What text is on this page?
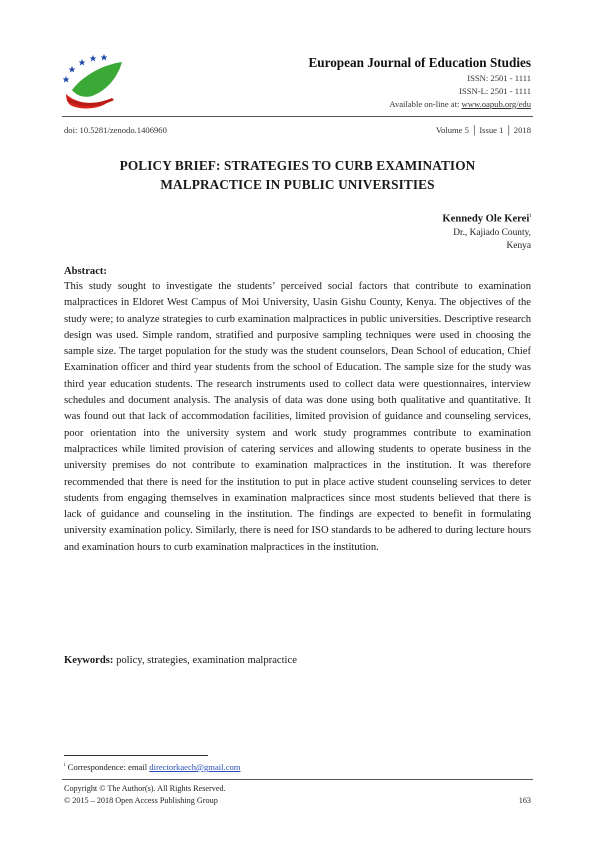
European Journal of Education Studies
ISSN: 2501 - 1111
ISSN-L: 2501 - 1111
Available on-line at: www.oapub.org/edu
doi: 10.5281/zenodo.1406960	Volume 5 │ Issue 1 │ 2018
POLICY BRIEF: STRATEGIES TO CURB EXAMINATION
MALPRACTICE IN PUBLIC UNIVERSITIES
Kennedy Ole Kerei$^i$
Dr., Kajiado County,
Kenya
Abstract:
This study sought to investigate the students’ perceived social factors that contribute to examination malpractices in Eldoret West Campus of Moi University, Uasin Gishu County, Kenya. The objectives of the study were; to analyze strategies to curb examination malpractices in public universities. Descriptive research design was used. Simple random, stratified and purposive sampling techniques were used in choosing the sample size. The target population for the study was the student counselors, Dean School of education, Chief Examination officer and third year students from the school of Education. The sample size for the study was third year education students. The research instruments used to collect data were questionnaires, interview schedules and document analysis. The analysis of data was done using both qualitative and quantitative. It was found out that lack of accommodation facilities, limited provision of guidance and counseling services, poor orientation into the university system and work study programmes contribute to examination malpractices while limited provision of catering services and allowing students to operate business in the university premises do not contribute to examination malpractices in the institution. It was therefore recommended that there is need for the institution to put in place active student counseling services to deter students from engaging themselves in examination malpractices since most students believed that there is lack of guidance and counseling in the institution. The findings are expected to benefit in formulating university examination policy. Similarly, there is need for ISO standards to be adhered to during lecture hours and examination hours to curb examination malpractices in the institution.
Keywords: policy, strategies, examination malpractice
$^i$ Correspondence: email directorkaech@gmail.com
Copyright © The Author(s). All Rights Reserved.
© 2015 – 2018 Open Access Publishing Group	163
